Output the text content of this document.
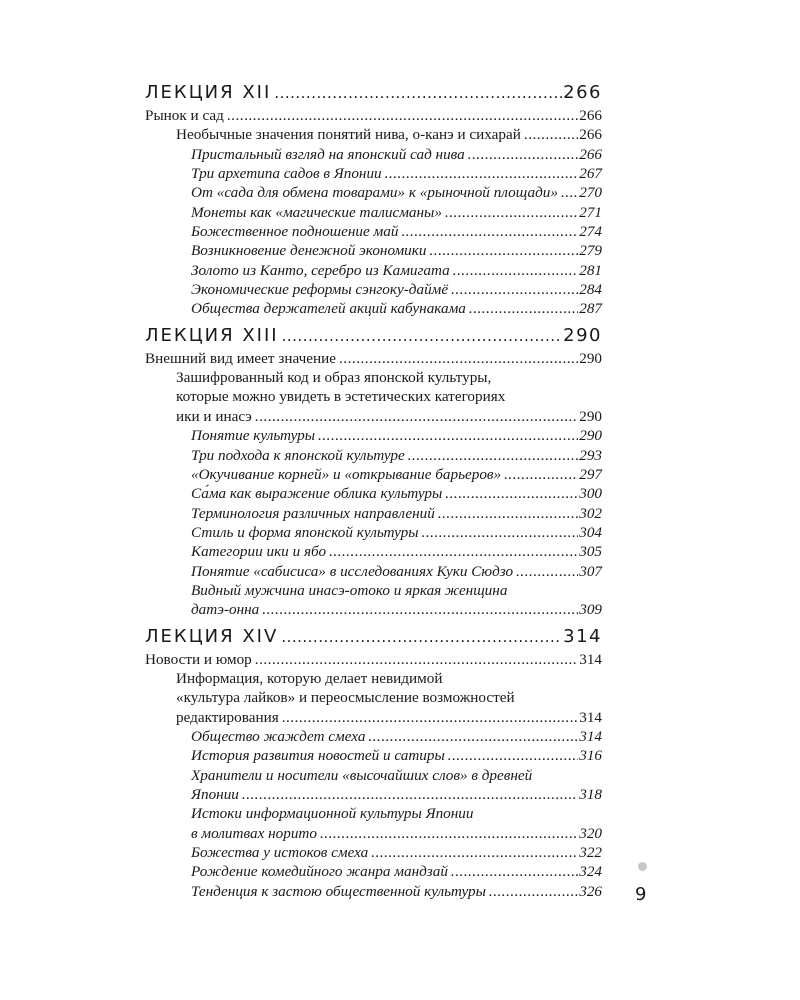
ЛЕКЦИЯ XII .....	266
Рынок и сад .....	266
Необычные значения понятий нива, о-канэ и сихарай .....	266
Пристальный взгляд на японский сад нива .....	266
Три архетипа садов в Японии .....	267
От «сада для обмена товарами» к «рыночной площади» ..... 270
Монеты как «магические талисманы» .....	271
Божественное подношение май .....	274
Возникновение денежной экономики .....	279
Золото из Канто, серебро из Камигата .....	281
Экономические реформы сэнгоку-даймё .....	284
Общества держателей акций кабунакама .....	287
ЛЕКЦИЯ XIII .....	290
Внешний вид имеет значение .....	290
Зашифрованный код и образ японской культуры,
которые можно увидеть в эстетических категориях
ики и инасэ .....	290
Понятие культуры .....	290
Три подхода к японской культуре .....	293
«Окучивание корней» и «открывание барьеров» .....	297
Са́ма как выражение облика культуры .....	300
Терминология различных направлений .....	302
Стиль и форма японской культуры .....	304
Категории ики и ябо .....	305
Понятие «сабисиса» в исследованиях Куки Сюдзо .....	307
Видный мужчина инасэ-отоко и яркая женщина
датэ-онна .....	309
ЛЕКЦИЯ XIV .....	314
Новости и юмор .....	314
Информация, которую делает невидимой
«культура лайков» и переосмысление возможностей
редактирования .....	314
Общество жаждет смеха .....	314
История развития новостей и сатиры .....	316
Хранители и носители «высочайших слов» в древней
Японии .....	318
Истоки информационной культуры Японии
в молитвах норито .....	320
Божества у истоков смеха .....	322
Рождение комедийного жанра мандзай .....	324
Тенденция к застою общественной культуры .....	326 9
